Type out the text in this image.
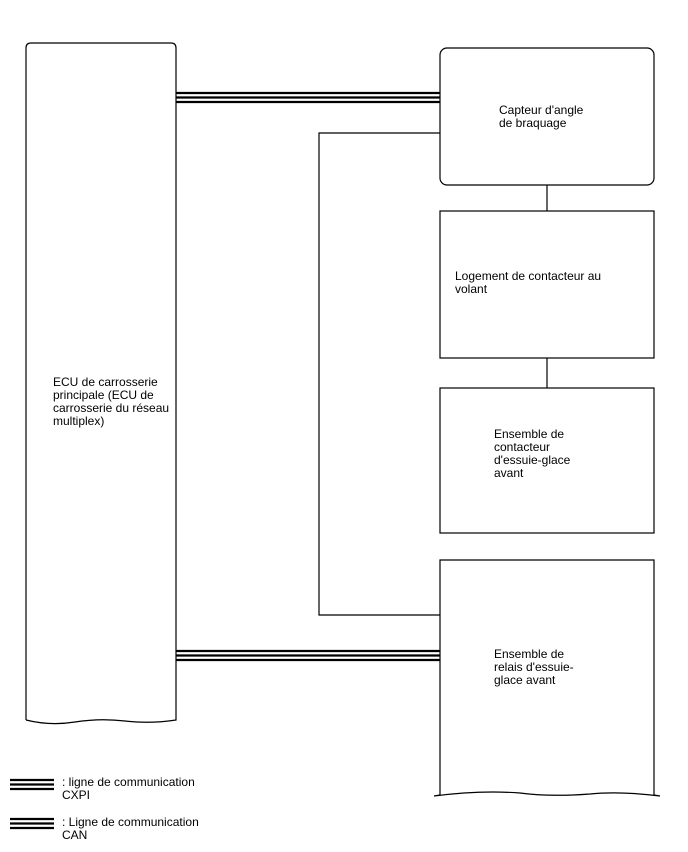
ECU de carrosserie principale (ECU de carrosserie du réseau multiplex)
Capteur d'angle de braquage
Logement de contacteur au volant
Ensemble de contacteur d'essuie-glace avant
Ensemble de relais d'essuie-glace avant
: ligne de communication CXPI
: Ligne de communication CAN
